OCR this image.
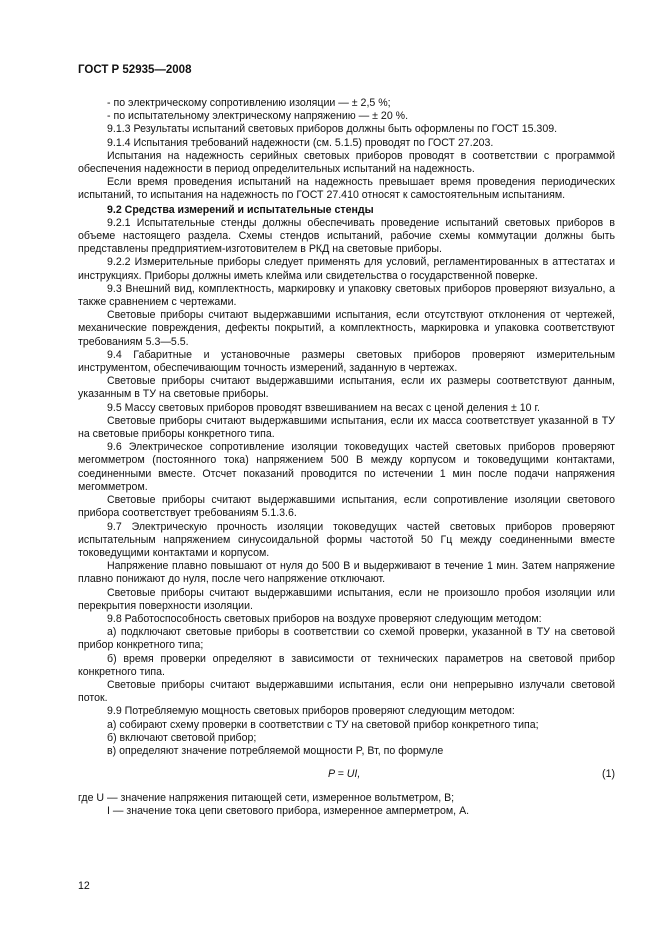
ГОСТ Р 52935—2008

- по электрическому сопротивлению изоляции — ± 2,5 %;

- по испытательному электрическому напряжению — ± 20 %.

9.1.3 Результаты испытаний световых приборов должны быть оформлены по ГОСТ 15.309.

9.1.4 Испытания требований надежности (см. 5.1.5) проводят по ГОСТ 27.203.

Испытания на надежность серийных световых приборов проводят в соответствии с программой обеспечения надежности в период определительных испытаний на надежность.

Если время проведения испытаний на надежность превышает время проведения периодических испытаний, то испытания на надежность по ГОСТ 27.410 относят к самостоятельным испытаниям.

9.2 Средства измерений и испытательные стенды

9.2.1 Испытательные стенды должны обеспечивать проведение испытаний световых приборов в объеме настоящего раздела. Схемы стендов испытаний, рабочие схемы коммутации должны быть представлены предприятием-изготовителем в РКД на световые приборы.

9.2.2 Измерительные приборы следует применять для условий, регламентированных в аттестатах и инструкциях. Приборы должны иметь клейма или свидетельства о государственной поверке.

9.3 Внешний вид, комплектность, маркировку и упаковку световых приборов проверяют визуально, а также сравнением с чертежами.

Световые приборы считают выдержавшими испытания, если отсутствуют отклонения от чертежей, механические повреждения, дефекты покрытий, а комплектность, маркировка и упаковка соответствуют требованиям 5.3—5.5.

9.4 Габаритные и установочные размеры световых приборов проверяют измерительным инструментом, обеспечивающим точность измерений, заданную в чертежах.

Световые приборы считают выдержавшими испытания, если их размеры соответствуют данным, указанным в ТУ на световые приборы.

9.5 Массу световых приборов проводят взвешиванием на весах с ценой деления ± 10 г.

Световые приборы считают выдержавшими испытания, если их масса соответствует указанной в ТУ на световые приборы конкретного типа.

9.6 Электрическое сопротивление изоляции токоведущих частей световых приборов проверяют мегомметром (постоянного тока) напряжением 500 В между корпусом и токоведущими контактами, соединенными вместе. Отсчет показаний проводится по истечении 1 мин после подачи напряжения мегомметром.

Световые приборы считают выдержавшими испытания, если сопротивление изоляции светового прибора соответствует требованиям 5.1.3.6.

9.7 Электрическую прочность изоляции токоведущих частей световых приборов проверяют испытательным напряжением синусоидальной формы частотой 50 Гц между соединенными вместе токоведущими контактами и корпусом.

Напряжение плавно повышают от нуля до 500 В и выдерживают в течение 1 мин. Затем напряжение плавно понижают до нуля, после чего напряжение отключают.

Световые приборы считают выдержавшими испытания, если не произошло пробоя изоляции или перекрытия поверхности изоляции.

9.8 Работоспособность световых приборов на воздухе проверяют следующим методом:

а) подключают световые приборы в соответствии со схемой проверки, указанной в ТУ на световой прибор конкретного типа;

б) время проверки определяют в зависимости от технических параметров на световой прибор конкретного типа.

Световые приборы считают выдержавшими испытания, если они непрерывно излучали световой поток.

9.9 Потребляемую мощность световых приборов проверяют следующим методом:

а) собирают схему проверки в соответствии с ТУ на световой прибор конкретного типа;

б) включают световой прибор;

в) определяют значение потребляемой мощности P, Вт, по формуле

P = UI,	(1)

где U — значение напряжения питающей сети, измеренное вольтметром, В;

I — значение тока цепи светового прибора, измеренное амперметром, А.

12
